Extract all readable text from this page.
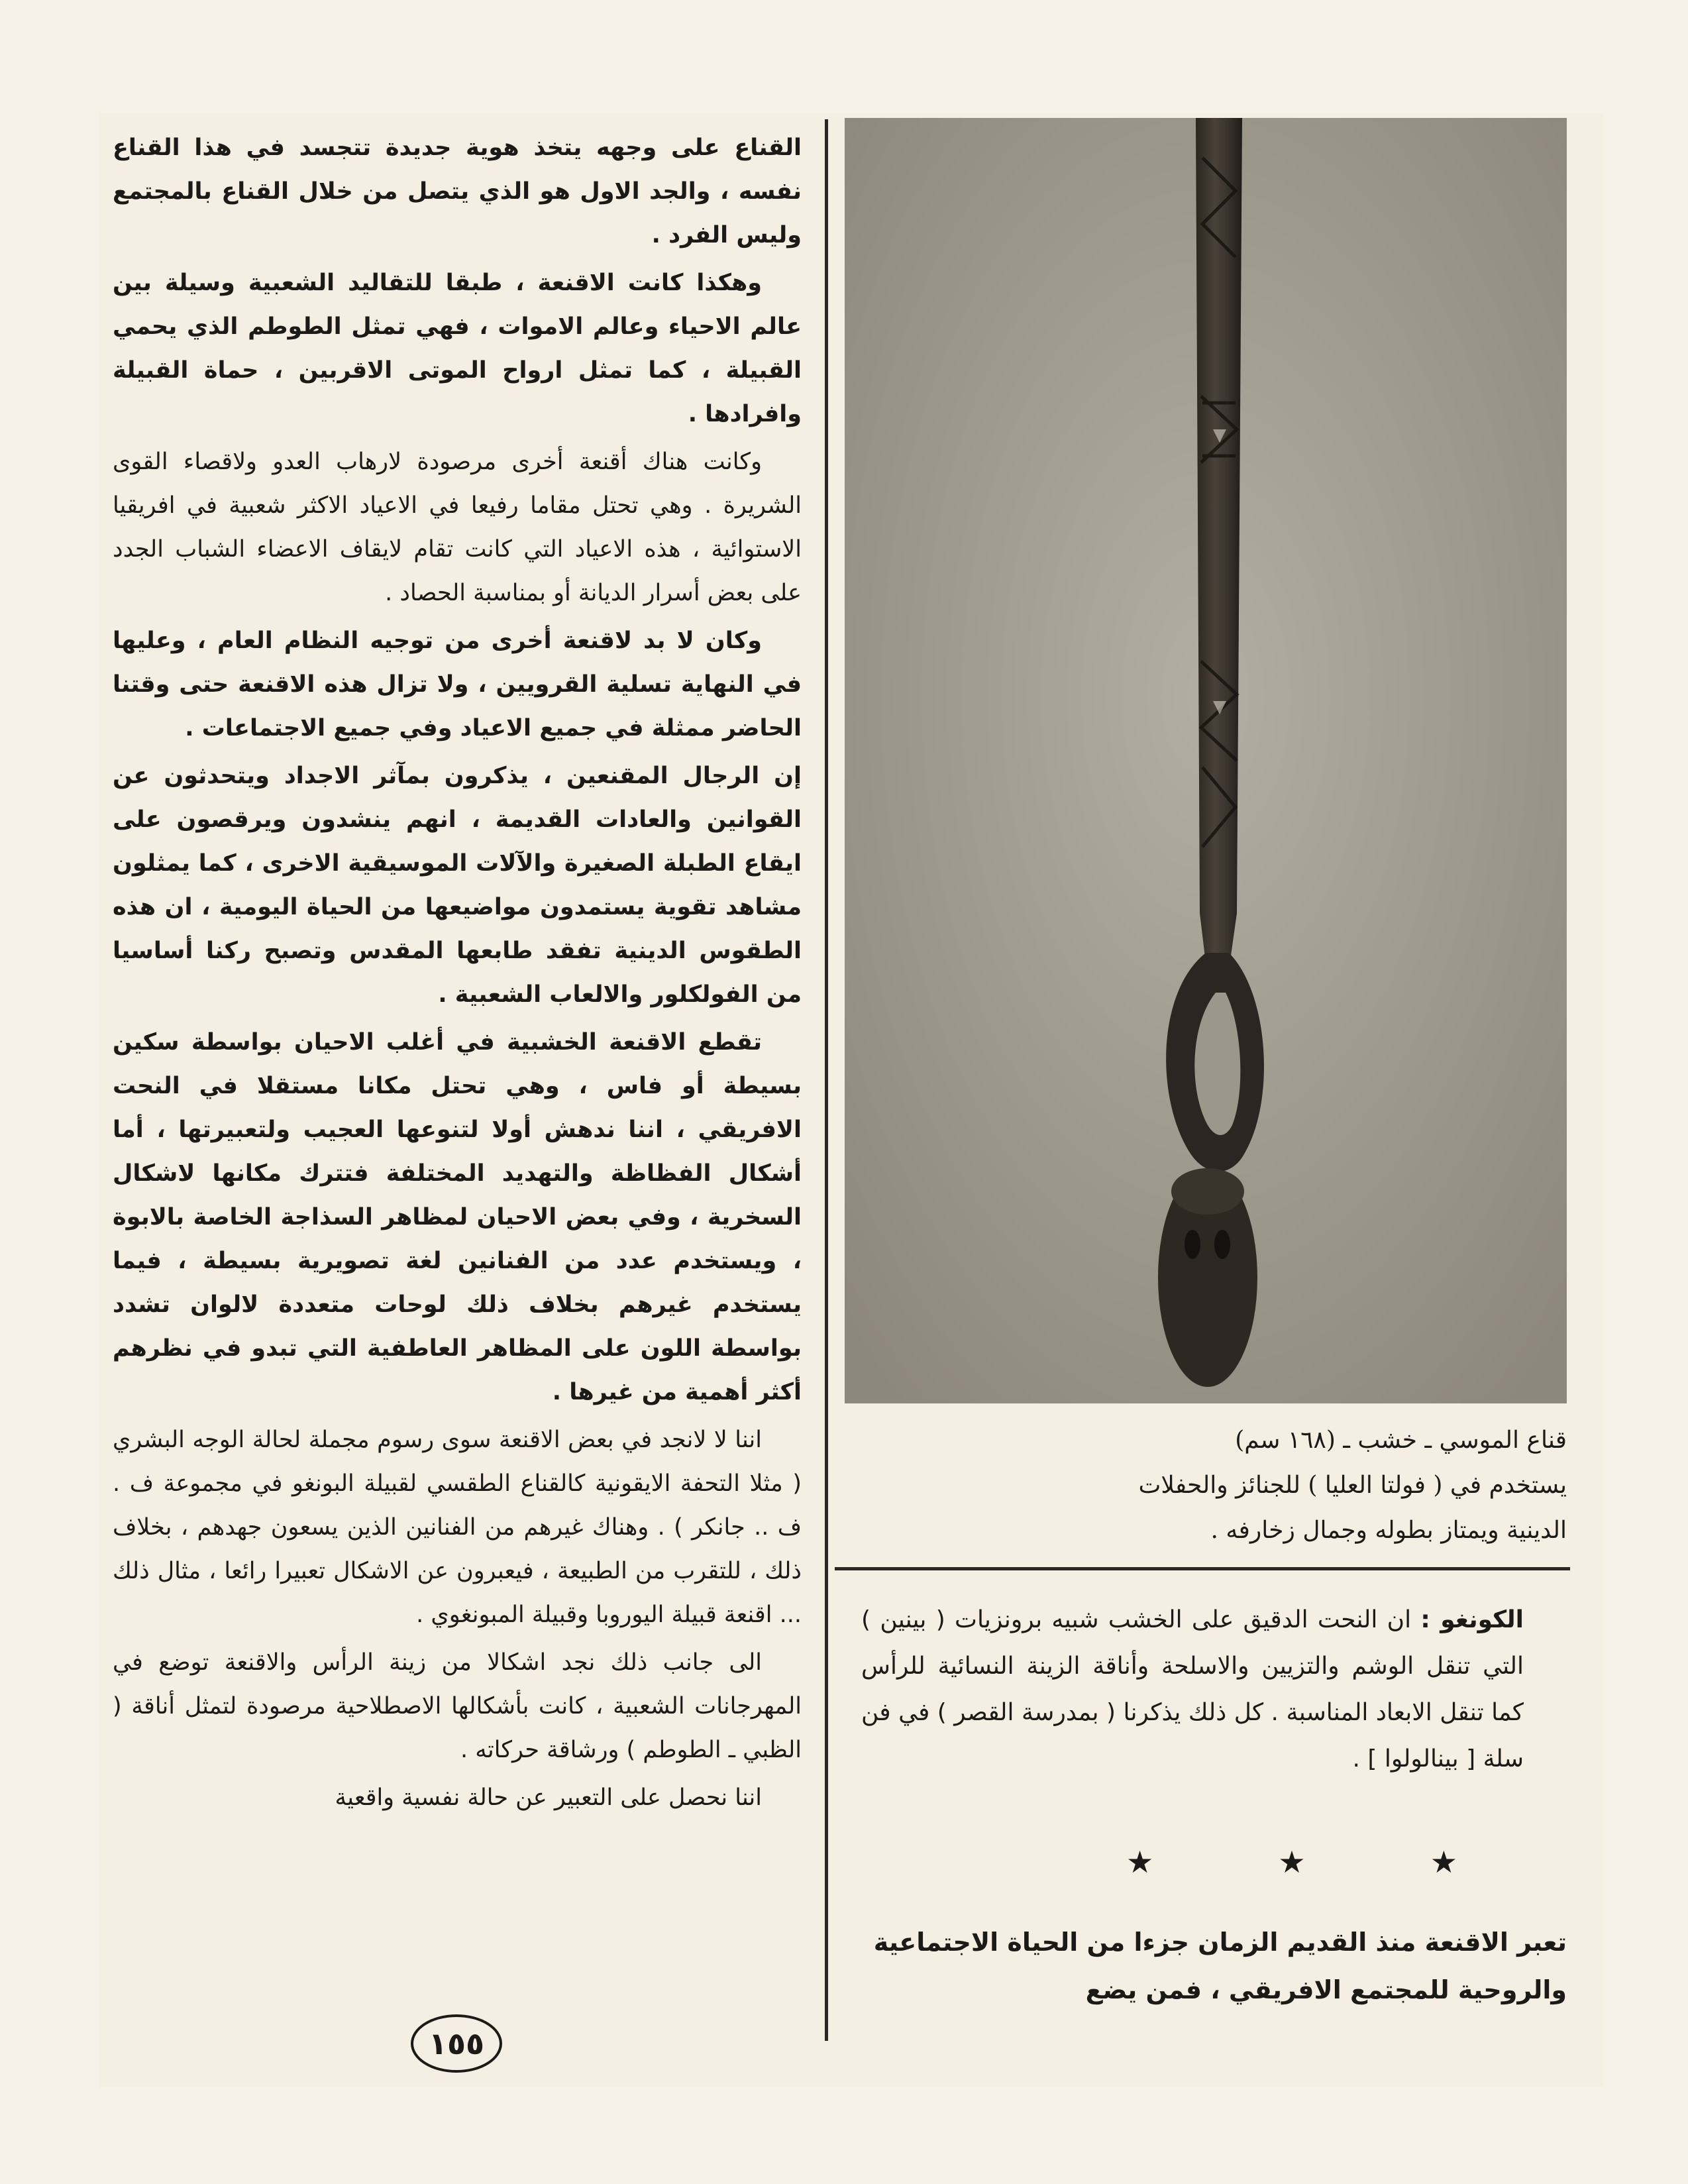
القناع على وجهه يتخذ هوية جديدة تتجسد في هذا القناع نفسه ، والجد الاول هو الذي يتصل من خلال القناع بالمجتمع وليس الفرد .

وهكذا كانت الاقنعة ، طبقا للتقاليد الشعبية وسيلة بين عالم الاحياء وعالم الاموات ، فهي تمثل الطوطم الذي يحمي القبيلة ، كما تمثل ارواح الموتى الاقربين ، حماة القبيلة وافرادها .

وكانت هناك أقنعة أخرى مرصودة لارهاب العدو ولاقصاء القوى الشريرة . وهي تحتل مقاما رفيعا في الاعياد الاكثر شعبية في افريقيا الاستوائية ، هذه الاعياد التي كانت تقام لايقاف الاعضاء الشباب الجدد على بعض أسرار الديانة أو بمناسبة الحصاد .

وكان لا بد لاقنعة أخرى من توجيه النظام العام ، وعليها في النهاية تسلية القرويين ، ولا تزال هذه الاقنعة حتى وقتنا الحاضر ممثلة في جميع الاعياد وفي جميع الاجتماعات .

إن الرجال المقنعين ، يذكرون بمآثر الاجداد ويتحدثون عن القوانين والعادات القديمة ، انهم ينشدون ويرقصون على ايقاع الطبلة الصغيرة والآلات الموسيقية الاخرى ، كما يمثلون مشاهد تقوية يستمدون مواضيعها من الحياة اليومية ، ان هذه الطقوس الدينية تفقد طابعها المقدس وتصبح ركنا أساسيا من الفولكلور والالعاب الشعبية .

تقطع الاقنعة الخشبية في أغلب الاحيان بواسطة سكين بسيطة أو فاس ، وهي تحتل مكانا مستقلا في النحت الافريقي ، اننا ندهش أولا لتنوعها العجيب ولتعبيرتها ، أما أشكال الفظاظة والتهديد المختلفة فتترك مكانها لاشكال السخرية ، وفي بعض الاحيان لمظاهر السذاجة الخاصة بالابوة ، ويستخدم عدد من الفنانين لغة تصويرية بسيطة ، فيما يستخدم غيرهم بخلاف ذلك لوحات متعددة لالوان تشدد بواسطة اللون على المظاهر العاطفية التي تبدو في نظرهم أكثر أهمية من غيرها .

اننا لا لانجد في بعض الاقنعة سوى رسوم مجملة لحالة الوجه البشري ( مثلا التحفة الايقونية كالقناع الطقسي لقبيلة البونغو في مجموعة ف . ف .. جانكر ) . وهناك غيرهم من الفنانين الذين يسعون جهدهم ، بخلاف ذلك ، للتقرب من الطبيعة ، فيعبرون عن الاشكال تعبيرا رائعا ، مثال ذلك ... اقنعة قبيلة اليوروبا وقبيلة المبونغوي .

الى جانب ذلك نجد اشكالا من زينة الرأس والاقنعة توضع في المهرجانات الشعبية ، كانت بأشكالها الاصطلاحية مرصودة لتمثل أناقة ( الظبي ـ الطوطم ) ورشاقة حركاته .

اننا نحصل على التعبير عن حالة نفسية واقعية

١٥٥
قناع الموسي ـ خشب ـ (١٦٨ سم)
يستخدم في ( فولتا العليا ) للجنائز والحفلات
الدينية ويمتاز بطوله وجمال زخارفه .
الكونغو : ان النحت الدقيق على الخشب شبيه برونزيات ( بينين ) التي تنقل الوشم والتزيين والاسلحة وأناقة الزينة النسائية للرأس كما تنقل الابعاد المناسبة . كل ذلك يذكرنا ( بمدرسة القصر ) في فن سلة [ بينالولوا ] .
★	★	★
تعبر الاقنعة منذ القديم الزمان جزءا من الحياة الاجتماعية والروحية للمجتمع الافريقي ، فمن يضع
